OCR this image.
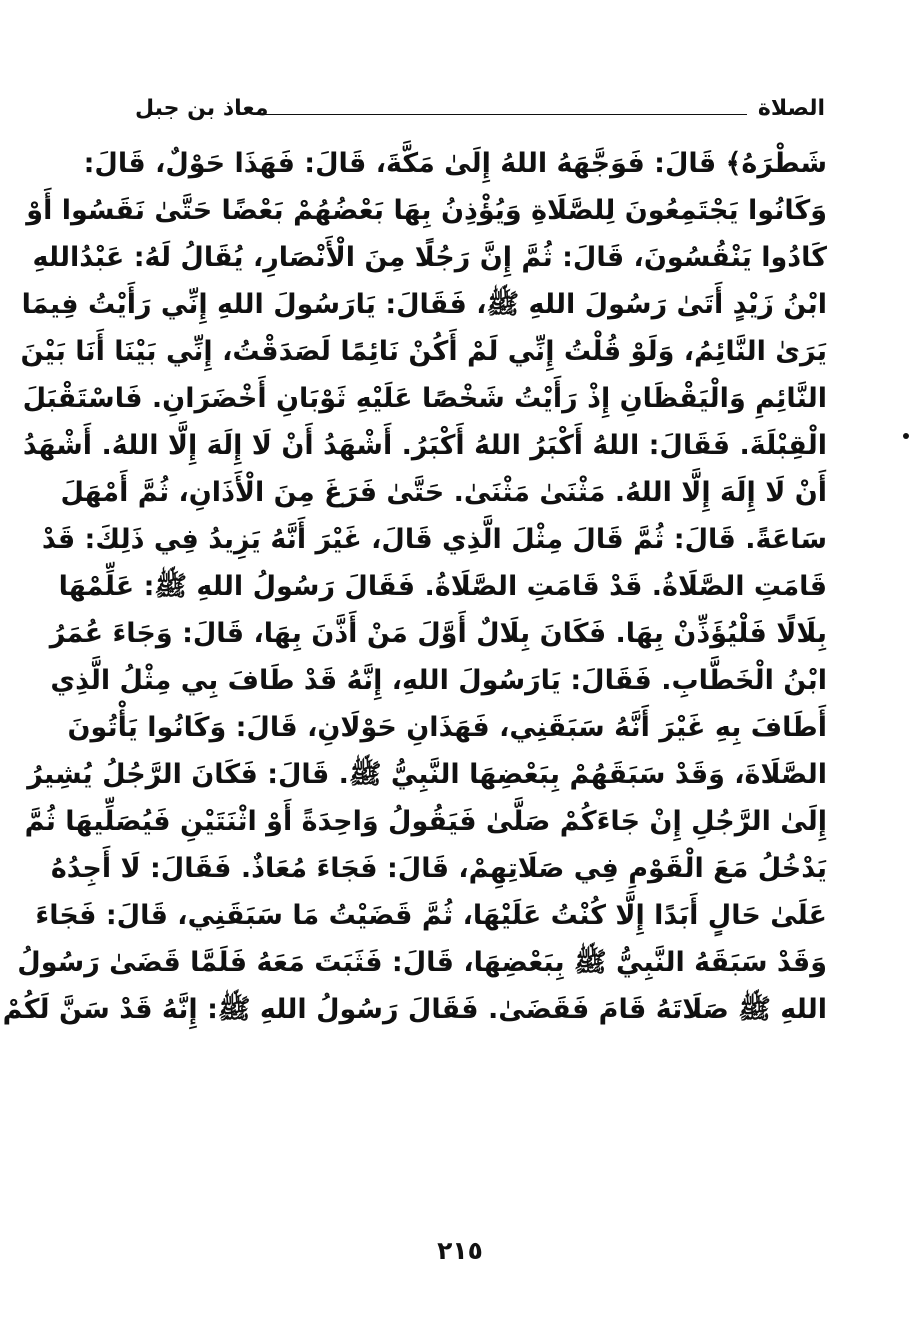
الصلاة
معاذ بن جبل
شَطْرَهُ﴾ قَالَ: فَوَجَّهَهُ اللهُ إِلَىٰ مَكَّةَ، قَالَ: فَهَذَا حَوْلٌ، قَالَ:
وَكَانُوا يَجْتَمِعُونَ لِلصَّلَاةِ وَيُؤْذِنُ بِهَا بَعْضُهُمْ بَعْضًا حَتَّىٰ نَقَسُوا أَوْ
كَادُوا يَنْقُسُونَ، قَالَ: ثُمَّ إِنَّ رَجُلًا مِنَ الْأَنْصَارِ، يُقَالُ لَهُ: عَبْدُاللهِ
ابْنُ زَيْدٍ أَتَىٰ رَسُولَ اللهِ ﷺ، فَقَالَ: يَارَسُولَ اللهِ إِنِّي رَأَيْتُ فِيمَا
يَرَىٰ النَّائِمُ، وَلَوْ قُلْتُ إِنِّي لَمْ أَكُنْ نَائِمًا لَصَدَقْتُ، إِنِّي بَيْنَا أَنَا بَيْنَ
النَّائِمِ وَالْيَقْظَانِ إِذْ رَأَيْتُ شَخْصًا عَلَيْهِ ثَوْبَانِ أَخْضَرَانِ. فَاسْتَقْبَلَ
الْقِبْلَةَ. فَقَالَ: اللهُ أَكْبَرُ اللهُ أَكْبَرُ. أَشْهَدُ أَنْ لَا إِلَهَ إِلَّا اللهُ. أَشْهَدُ
أَنْ لَا إِلَهَ إِلَّا اللهُ. مَثْنَىٰ مَثْنَىٰ. حَتَّىٰ فَرَغَ مِنَ الْأَذَانِ، ثُمَّ أَمْهَلَ
سَاعَةً. قَالَ: ثُمَّ قَالَ مِثْلَ الَّذِي قَالَ، غَيْرَ أَنَّهُ يَزِيدُ فِي ذَلِكَ: قَدْ
قَامَتِ الصَّلَاةُ. قَدْ قَامَتِ الصَّلَاةُ. فَقَالَ رَسُولُ اللهِ ﷺ: عَلِّمْهَا
بِلَالًا فَلْيُؤَذِّنْ بِهَا. فَكَانَ بِلَالٌ أَوَّلَ مَنْ أَذَّنَ بِهَا، قَالَ: وَجَاءَ عُمَرُ
ابْنُ الْخَطَّابِ. فَقَالَ: يَارَسُولَ اللهِ، إِنَّهُ قَدْ طَافَ بِي مِثْلُ الَّذِي
أَطَافَ بِهِ غَيْرَ أَنَّهُ سَبَقَنِي، فَهَذَانِ حَوْلَانِ، قَالَ: وَكَانُوا يَأْتُونَ
الصَّلَاةَ، وَقَدْ سَبَقَهُمْ بِبَعْضِهَا النَّبِيُّ ﷺ. قَالَ: فَكَانَ الرَّجُلُ يُشِيرُ
إِلَىٰ الرَّجُلِ إِنْ جَاءَكُمْ صَلَّىٰ فَيَقُولُ وَاحِدَةً أَوْ اثْنَتَيْنِ فَيُصَلِّيهَا ثُمَّ
يَدْخُلُ مَعَ الْقَوْمِ فِي صَلَاتِهِمْ، قَالَ: فَجَاءَ مُعَاذٌ. فَقَالَ: لَا أَجِدُهُ
عَلَىٰ حَالٍ أَبَدًا إِلَّا كُنْتُ عَلَيْهَا، ثُمَّ قَضَيْتُ مَا سَبَقَنِي، قَالَ: فَجَاءَ
وَقَدْ سَبَقَهُ النَّبِيُّ ﷺ بِبَعْضِهَا، قَالَ: فَثَبَتَ مَعَهُ فَلَمَّا قَضَىٰ رَسُولُ
اللهِ ﷺ صَلَاتَهُ قَامَ فَقَضَىٰ. فَقَالَ رَسُولُ اللهِ ﷺ: إِنَّهُ قَدْ سَنَّ لَكُمْ
٢١٥
